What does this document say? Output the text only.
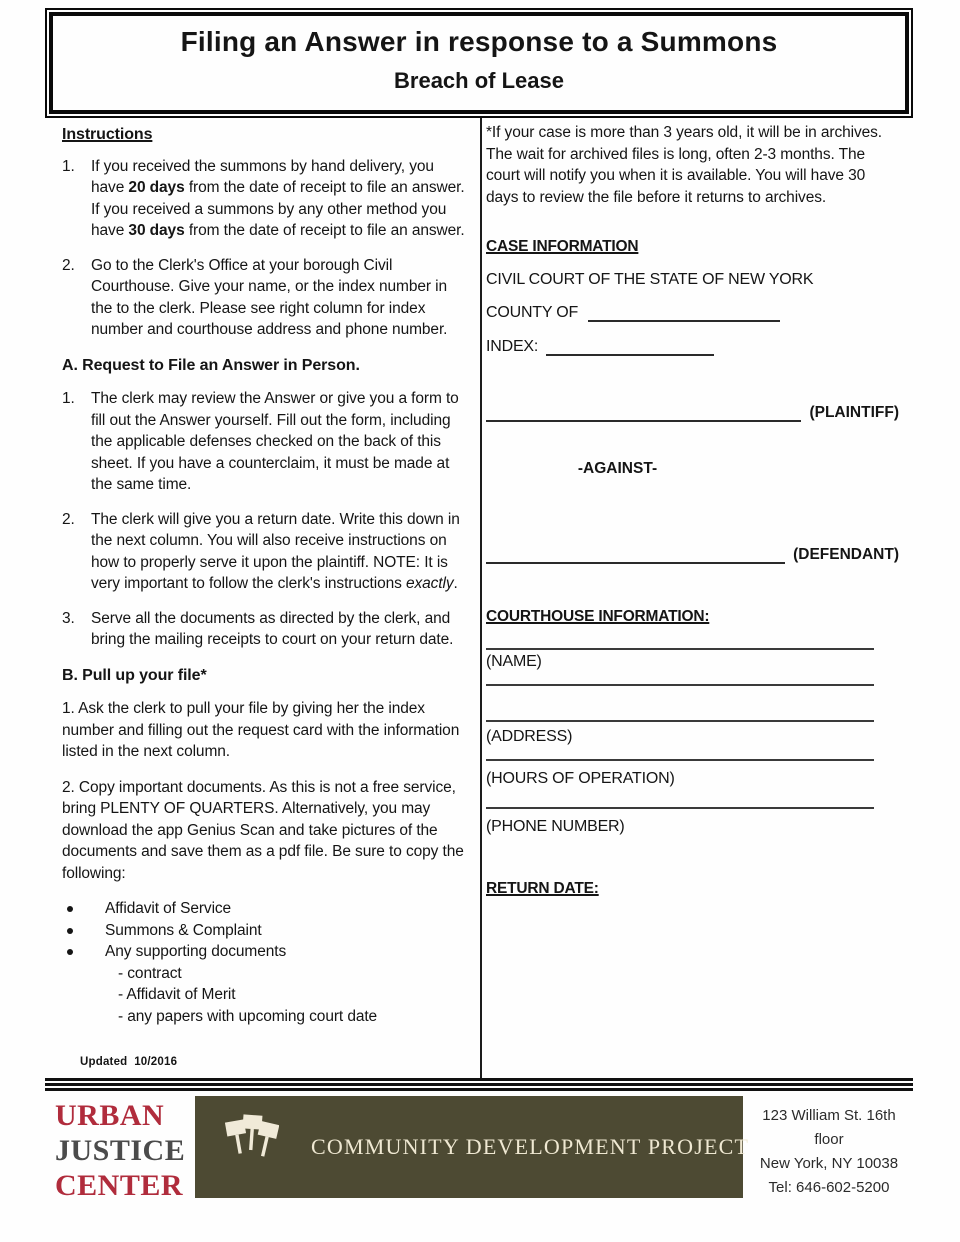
Filing an Answer in response to a Summons
Breach of Lease
Instructions
1.	If you received the summons by hand delivery, you have 20 days from the date of receipt to file an answer. If you received a summons by any other method you have 30 days from the date of receipt to file an answer.
2.	Go to the Clerk's Office at your borough Civil Courthouse. Give your name, or the index number in the to the clerk. Please see right column for index number and courthouse address and phone number.
A. Request to File an Answer in Person.
1.	The clerk may review the Answer or give you a form to fill out the Answer yourself. Fill out the form, including the applicable defenses checked on the back of this sheet. If you have a counterclaim, it must be made at the same time.
2.	The clerk will give you a return date. Write this down in the next column. You will also receive instructions on how to properly serve it upon the plaintiff. NOTE: It is very important to follow the clerk's instructions exactly.
3.	Serve all the documents as directed by the clerk, and bring the mailing receipts to court on your return date.
B. Pull up your file*

1. Ask the clerk to pull your file by giving her the index number and filling out the request card with the information listed in the next column.

2. Copy important documents. As this is not a free service, bring PLENTY OF QUARTERS. Alternatively, you may download the app Genius Scan and take pictures of the documents and save them as a pdf file. Be sure to copy the following:

Affidavit of Service
Summons & Complaint
Any supporting documents
- contract
- Affidavit of Merit
- any papers with upcoming court date
*If your case is more than 3 years old, it will be in archives. The wait for archived files is long, often 2-3 months. The court will notify you when it is available. You will have 30 days to review the file before it returns to archives.
CASE INFORMATION
CIVIL COURT OF THE STATE OF NEW YORK
COUNTY OF
INDEX:
(PLAINTIFF)
-AGAINST-
(DEFENDANT)
COURTHOUSE INFORMATION:
(NAME)
(ADDRESS)
(HOURS OF OPERATION)
(PHONE NUMBER)
RETURN DATE:
Updated  10/2016
URBAN
JUSTICE
CENTER
COMMUNITY DEVELOPMENT PROJECT
123 William St. 16th
floor
New York, NY 10038
Tel: 646-602-5200
